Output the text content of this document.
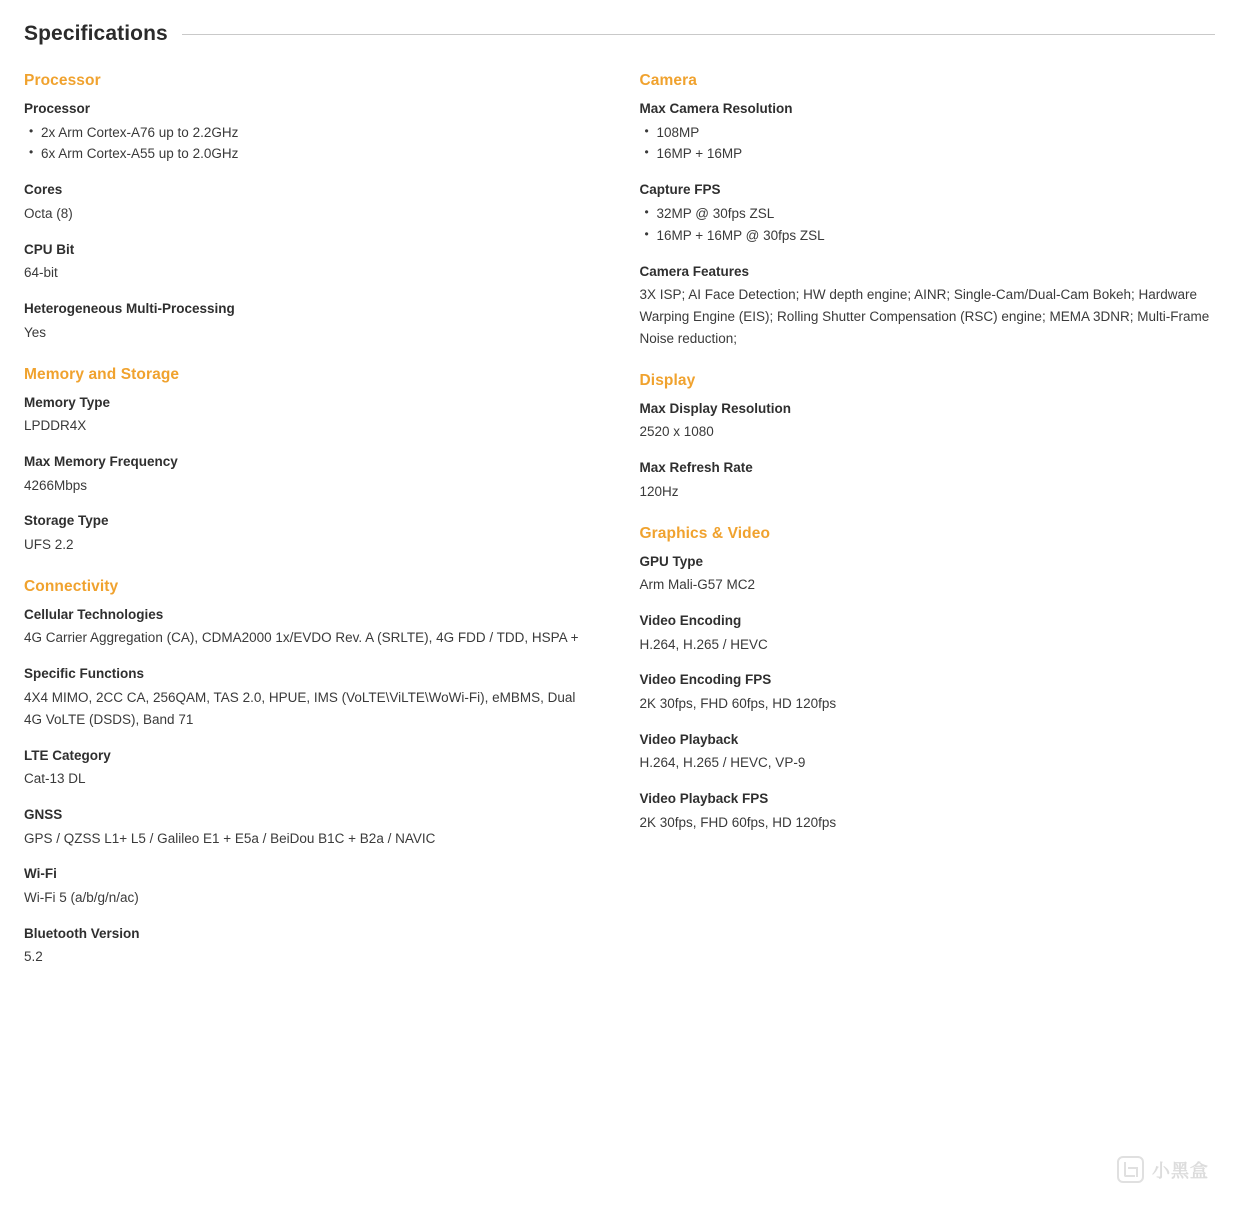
Specifications
Processor
Processor
• 2x Arm Cortex-A76 up to 2.2GHz
• 6x Arm Cortex-A55 up to 2.0GHz
Cores
Octa (8)
CPU Bit
64-bit
Heterogeneous Multi-Processing
Yes
Memory and Storage
Memory Type
LPDDR4X
Max Memory Frequency
4266Mbps
Storage Type
UFS 2.2
Connectivity
Cellular Technologies
4G Carrier Aggregation (CA), CDMA2000 1x/EVDO Rev. A (SRLTE), 4G FDD / TDD, HSPA +
Specific Functions
4X4 MIMO, 2CC CA, 256QAM, TAS 2.0, HPUE, IMS (VoLTE\ViLTE\WoWi-Fi), eMBMS, Dual 4G VoLTE (DSDS), Band 71
LTE Category
Cat-13 DL
GNSS
GPS / QZSS L1+ L5 / Galileo E1 + E5a / BeiDou B1C + B2a / NAVIC
Wi-Fi
Wi-Fi 5 (a/b/g/n/ac)
Bluetooth Version
5.2
Camera
Max Camera Resolution
• 108MP
• 16MP + 16MP
Capture FPS
• 32MP @ 30fps ZSL
• 16MP + 16MP @ 30fps ZSL
Camera Features
3X ISP; AI Face Detection; HW depth engine; AINR; Single-Cam/Dual-Cam Bokeh; Hardware Warping Engine (EIS); Rolling Shutter Compensation (RSC) engine; MEMA 3DNR; Multi-Frame Noise reduction;
Display
Max Display Resolution
2520 x 1080
Max Refresh Rate
120Hz
Graphics & Video
GPU Type
Arm Mali-G57 MC2
Video Encoding
H.264, H.265 / HEVC
Video Encoding FPS
2K 30fps, FHD 60fps, HD 120fps
Video Playback
H.264, H.265 / HEVC, VP-9
Video Playback FPS
2K 30fps, FHD 60fps, HD 120fps
小黑盒
